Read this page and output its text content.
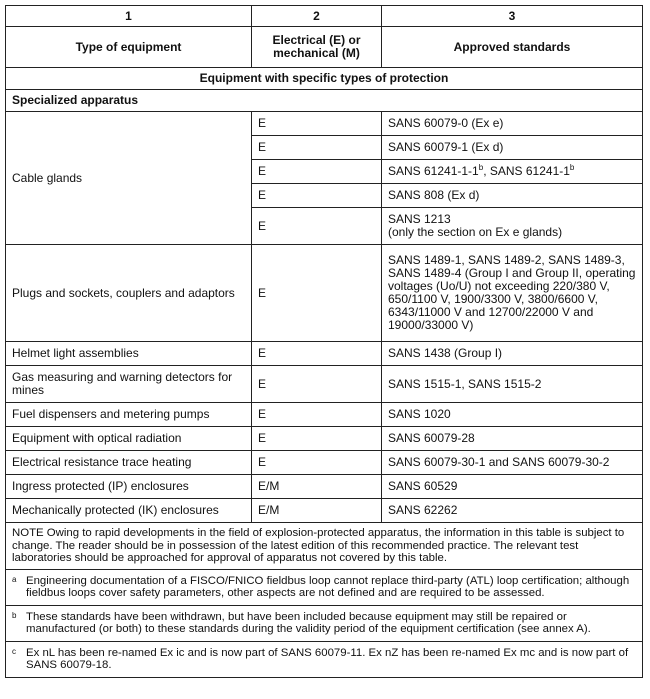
1	2	3
Type of equipment	Electrical (E) or mechanical (M)	Approved standards
Equipment with specific types of protection		
Specialized apparatus		
Cable glands	E	SANS 60079-0 (Ex e)
	E	SANS 60079-1 (Ex d)
	E	SANS 61241-1-1$^b$, SANS 61241-1$^b$
	E	SANS 808 (Ex d)
	E	SANS 1213
(only the section on Ex e glands)
Plugs and sockets, couplers and adaptors	E	SANS 1489-1, SANS 1489-2, SANS 1489-3, SANS 1489-4 (Group I and Group II, operating voltages (Uo/U) not exceeding 220/380 V, 650/1100 V, 1900/3300 V, 3800/6600 V, 6343/11000 V and 12700/22000 V and 19000/33000 V)
Helmet light assemblies	E	SANS 1438 (Group I)
Gas measuring and warning detectors for mines	E	SANS 1515-1, SANS 1515-2
Fuel dispensers and metering pumps	E	SANS 1020
Equipment with optical radiation	E	SANS 60079-28
Electrical resistance trace heating	E	SANS 60079-30-1 and SANS 60079-30-2
Ingress protected (IP) enclosures	E/M	SANS 60529
Mechanically protected (IK) enclosures	E/M	SANS 62262
NOTE Owing to rapid developments in the field of explosion-protected apparatus, the information in this table is subject to change. The reader should be in possession of the latest edition of this recommended practice. The relevant test laboratories should be approached for approval of apparatus not covered by this table.		

a Engineering documentation of a FISCO/FNICO fieldbus loop cannot replace third-party (ATL) loop certification; although fieldbus loops cover safety parameters, other aspects are not defined and are required to be assessed.		

b These standards have been withdrawn, but have been included because equipment may still be repaired or manufactured (or both) to these standards during the validity period of the equipment certification (see annex A).		

c Ex nL has been re-named Ex ic and is now part of SANS 60079-11. Ex nZ has been re-named Ex mc and is now part of SANS 60079-18.		
